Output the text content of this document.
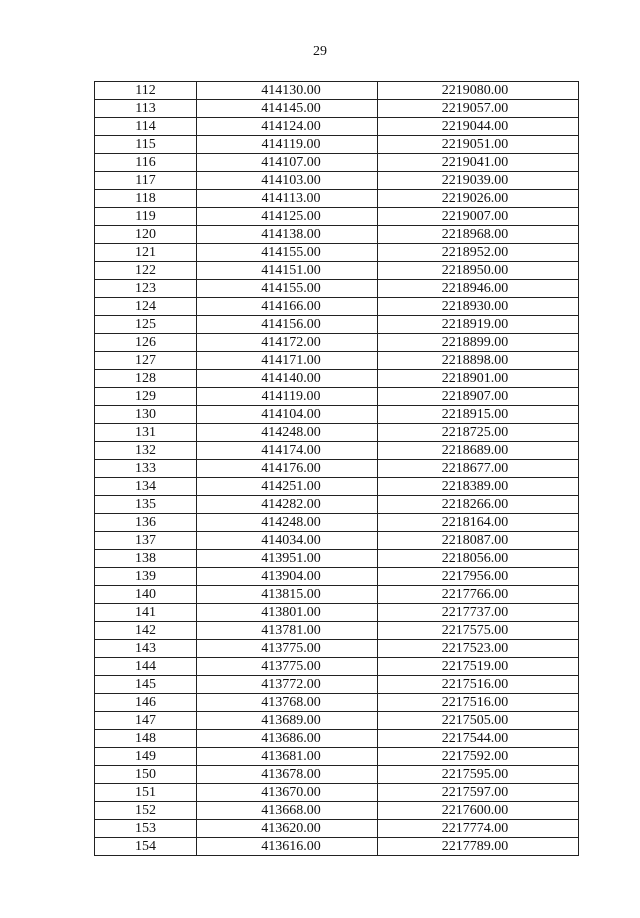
29
112	414130.00	2219080.00
113	414145.00	2219057.00
114	414124.00	2219044.00
115	414119.00	2219051.00
116	414107.00	2219041.00
117	414103.00	2219039.00
118	414113.00	2219026.00
119	414125.00	2219007.00
120	414138.00	2218968.00
121	414155.00	2218952.00
122	414151.00	2218950.00
123	414155.00	2218946.00
124	414166.00	2218930.00
125	414156.00	2218919.00
126	414172.00	2218899.00
127	414171.00	2218898.00
128	414140.00	2218901.00
129	414119.00	2218907.00
130	414104.00	2218915.00
131	414248.00	2218725.00
132	414174.00	2218689.00
133	414176.00	2218677.00
134	414251.00	2218389.00
135	414282.00	2218266.00
136	414248.00	2218164.00
137	414034.00	2218087.00
138	413951.00	2218056.00
139	413904.00	2217956.00
140	413815.00	2217766.00
141	413801.00	2217737.00
142	413781.00	2217575.00
143	413775.00	2217523.00
144	413775.00	2217519.00
145	413772.00	2217516.00
146	413768.00	2217516.00
147	413689.00	2217505.00
148	413686.00	2217544.00
149	413681.00	2217592.00
150	413678.00	2217595.00
151	413670.00	2217597.00
152	413668.00	2217600.00
153	413620.00	2217774.00
154	413616.00	2217789.00
